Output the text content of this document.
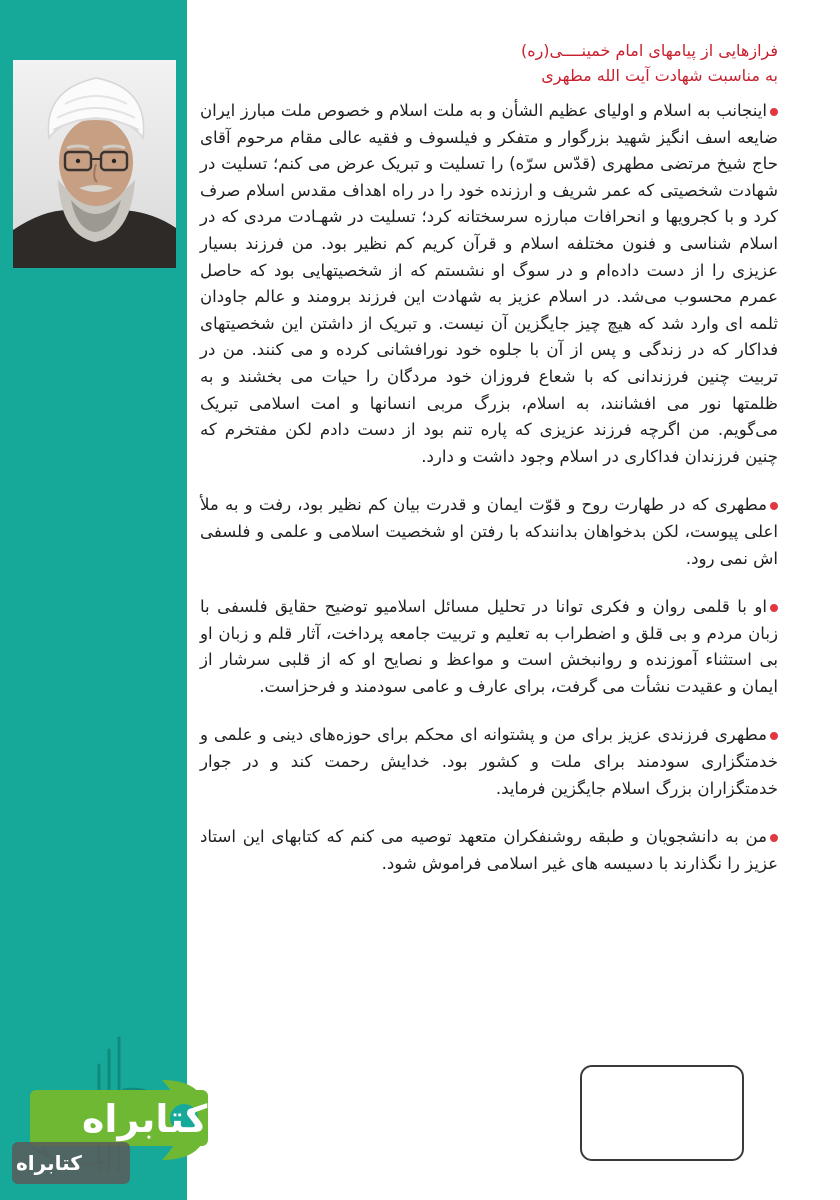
کتابراه
کتابراه

فرازهایی از پیامهای امام خمینــــی(ره)

به مناسبت شهادت آیت الله مطهری

اینجانب به اسلام و اولیای عظیم الشأن و به ملت اسلام و خصوص ملت مبارز ایران ضایعه اسف انگیز شهید بزرگوار و متفکر و فیلسوف و فقیه عالی مقام مرحوم آقای حاج شیخ مرتضی مطهری (قدّس سرّه) را تسلیت و تبریک عرض می کنم؛ تسلیت در شهادت شخصیتی که عمر شریف و ارزنده خود را در راه اهداف مقدس اسلام صرف کرد و با کجرویها و انحرافات مبارزه سرسختانه کرد؛ تسلیت در شهـادت مردی که در اسلام شناسی و فنون مختلفه اسلام و قرآن کریم کم نظیر بود. من فرزند بسیار عزیزی را از دست داده‌ام و در سوگ او نشستم که از شخصیتهایی بود که حاصل عمرم محسوب می‌شد. در اسلام عزیز به شهادت این فرزند برومند و عالم جاودان ثلمه ای وارد شد که هیچ چیز جایگزین آن نیست. و تبریک از داشتن این شخصیتهای فداکار که در زندگی و پس از آن با جلوه خود نورافشانی کرده و می کنند. من در تربیت چنین فرزندانی که با شعاع فروزان خود مردگان را حیات می بخشند و به ظلمتها نور می افشانند، به اسلام، بزرگ مربی انسانها و امت اسلامی تبریک می‌گویم. من اگرچه فرزند عزیزی که پاره تنم بود از دست دادم لکن مفتخرم که چنین فرزندان فداکاری در اسلام وجود داشت و دارد.

مطهری که در طهارت روح و قوّت ایمان و قدرت بیان کم نظیر بود، رفت و به ملأ اعلی پیوست، لکن بدخواهان بدانندکه با رفتن او شخصیت اسلامی و علمی و فلسفی اش نمی رود.

او با قلمی روان و فکری توانا در تحلیل مسائل اسلامیو توضیح حقایق فلسفی با زبان مردم و بی قلق و اضطراب به تعلیم و تربیت جامعه پرداخت، آثار قلم و زبان او بی استثناء آموزنده و روانبخش است و مواعظ و نصایح او که از قلبی سرشار از ایمان و عقیدت نشأت می گرفت، برای عارف و عامی سودمند و فرحزاست.

مطهری فرزندی عزیز برای من و پشتوانه ای محکم برای حوزه‌های دینی و علمی و خدمتگزاری سودمند برای ملت و کشور بود. خدایش رحمت کند و در جوار خدمتگزاران بزرگ اسلام جایگزین فرماید.

من به دانشجویان و طبقه روشنفکران متعهد توصیه می کنم که کتابهای این استاد عزیز را نگذارند با دسیسه های غیر اسلامی فراموش شود.
